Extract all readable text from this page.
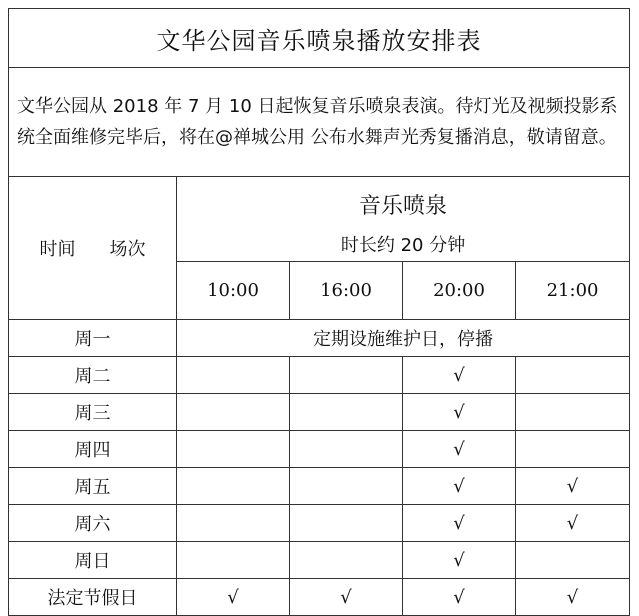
文华公园音乐喷泉播放安排表				
文华公园从 2018 年 7 月 10 日起恢复音乐喷泉表演。待灯光及视频投影系统全面维修完毕后，将在@禅城公用 公布水舞声光秀复播消息，敬请留意。				
时间 场次	音乐喷泉			
	时长约 20 分钟			
	10:00	16:00	20:00	21:00
周一	定期设施维护日，停播			
周二			√	
周三			√	
周四			√	
周五			√	√
周六			√	√
周日			√	
法定节假日	√	√	√	√
